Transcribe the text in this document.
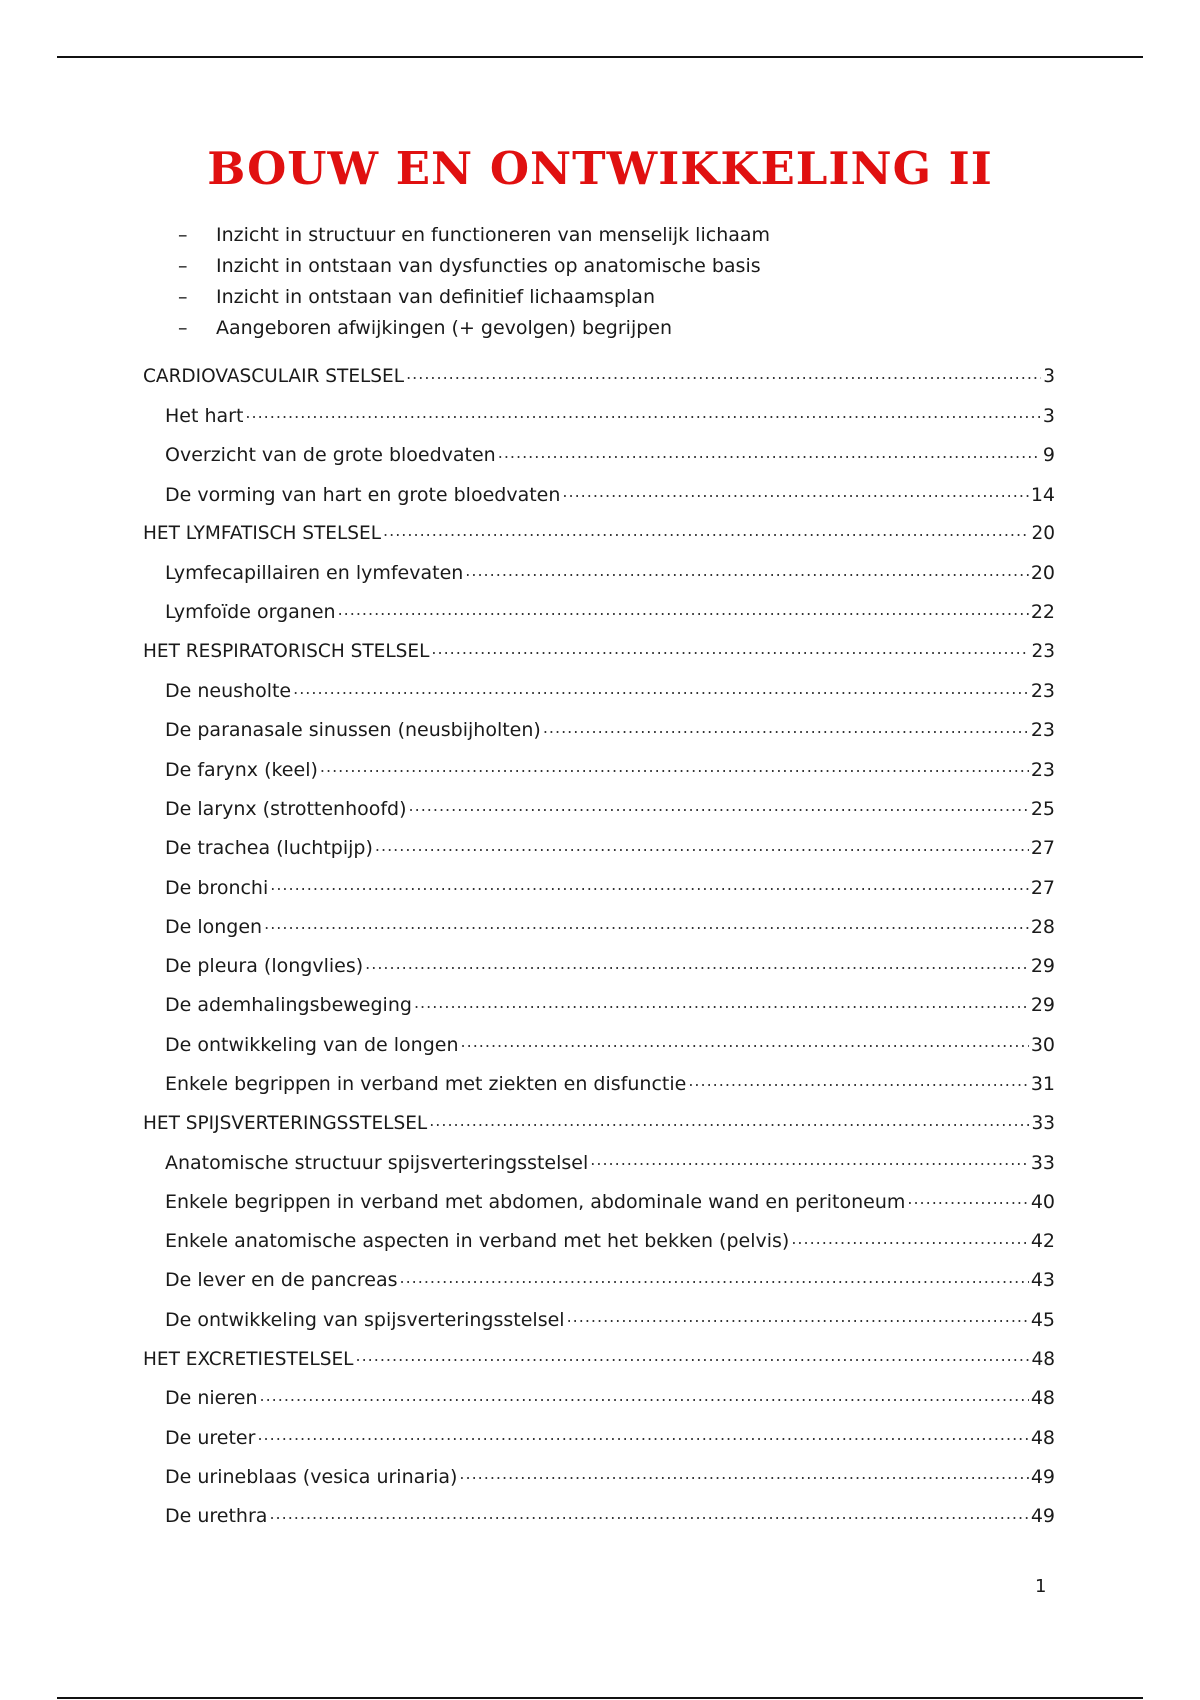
BOUW EN ONTWIKKELING II
–	Inzicht in structuur en functioneren van menselijk lichaam
–	Inzicht in ontstaan van dysfuncties op anatomische basis
–	Inzicht in ontstaan van definitief lichaamsplan
–	Aangeboren afwijkingen (+ gevolgen) begrijpen
CARDIOVASCULAIR STELSEL .....	3
Het hart .....	3
Overzicht van de grote bloedvaten .....	9
De vorming van hart en grote bloedvaten .....	14
HET LYMFATISCH STELSEL .....	20
Lymfecapillairen en lymfevaten .....	20
Lymfoïde organen .....	22
HET RESPIRATORISCH STELSEL .....	23
De neusholte .....	23
De paranasale sinussen (neusbijholten) .....	23
De farynx (keel) .....	23
De larynx (strottenhoofd) .....	25
De trachea (luchtpijp) .....	27
De bronchi .....	27
De longen .....	28
De pleura (longvlies) .....	29
De ademhalingsbeweging .....	29
De ontwikkeling van de longen .....	30
Enkele begrippen in verband met ziekten en disfunctie .....	31
HET SPIJSVERTERINGSSTELSEL .....	33
Anatomische structuur spijsverteringsstelsel .....	33
Enkele begrippen in verband met abdomen, abdominale wand en peritoneum .....	40
Enkele anatomische aspecten in verband met het bekken (pelvis) .....	42
De lever en de pancreas .....	43
De ontwikkeling van spijsverteringsstelsel .....	45
HET EXCRETIESTELSEL .....	48
De nieren .....	48
De ureter .....	48
De urineblaas (vesica urinaria) .....	49
De urethra .....	49
1
